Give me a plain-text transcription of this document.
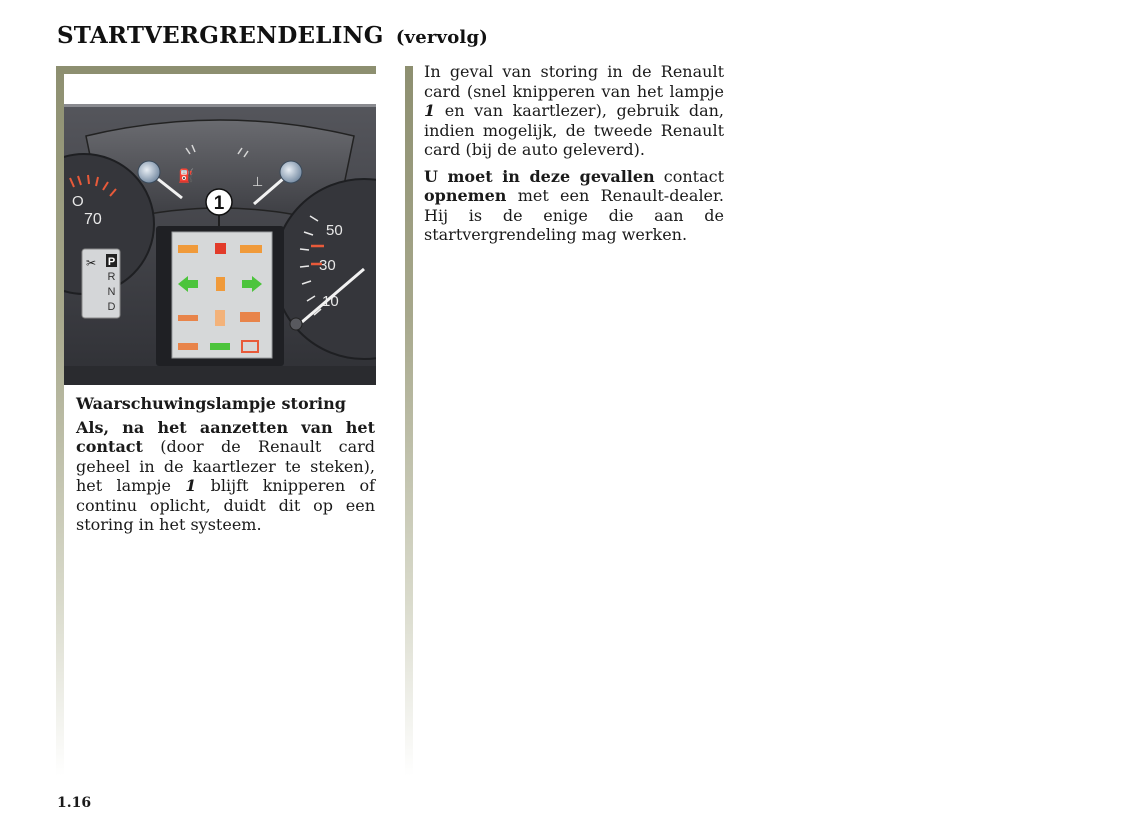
STARTVERGRENDELING (vervolg)
O
70
50
30
10
⛽	⊥
1
✂ P
R
N
D

Waarschuwingslampje storing

Als, na het aanzetten van het contact (door de Renault card geheel in de kaartlezer te steken), het lampje 1 blijft knipperen of continu oplicht, duidt dit op een storing in het systeem.

In geval van storing in de Renault card (snel knipperen van het lampje 1 en van kaartlezer), gebruik dan, indien mogelijk, de tweede Renault card (bij de auto geleverd).

U moet in deze gevallen contact opnemen met een Renault-dealer. Hij is de enige die aan de startvergrendeling mag werken.

1.16
